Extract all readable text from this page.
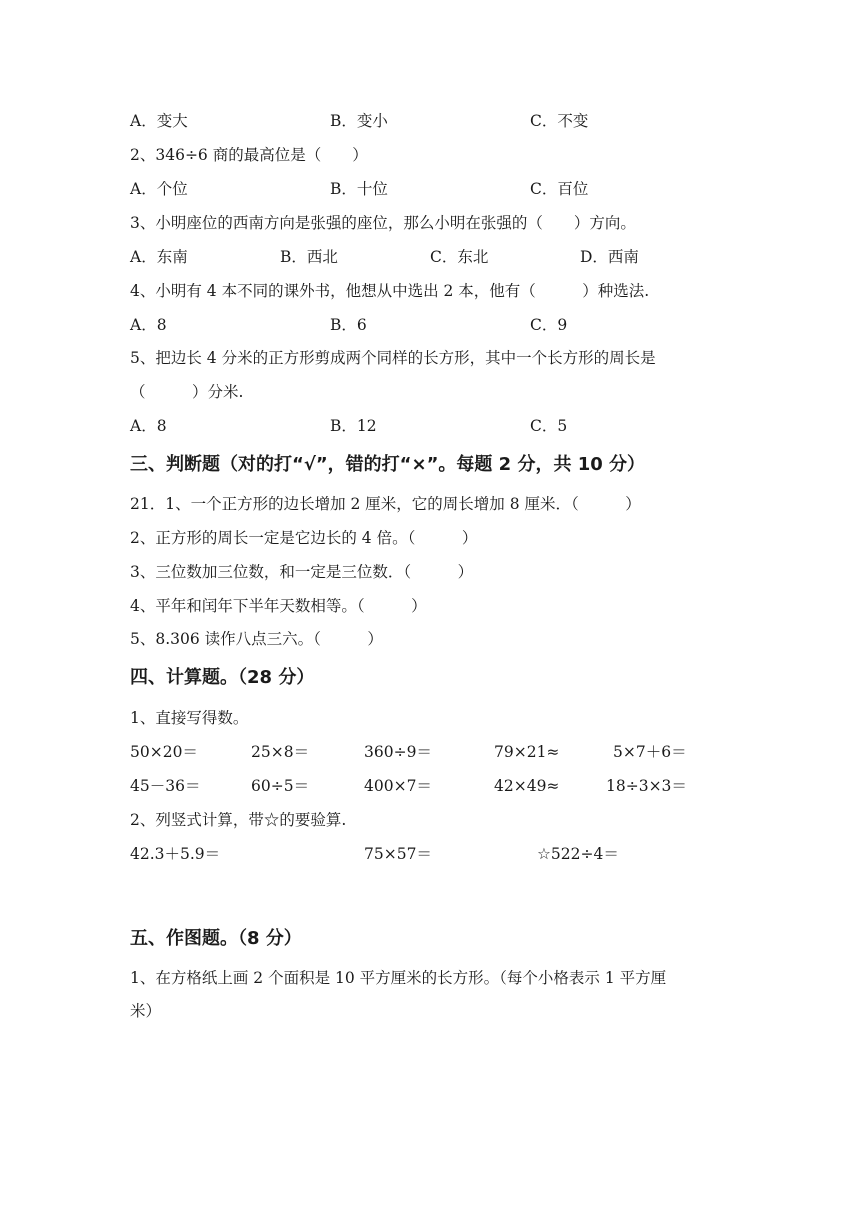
A．变大

	B．变小

	C．不变

2、346÷6 商的最高位是（　　）

A．个位

	B．十位

	C．百位

3、小明座位的西南方向是张强的座位，那么小明在张强的（　　）方向。

A．东南

	B．西北

	C．东北

	D．西南

4、小明有 4 本不同的课外书，他想从中选出 2 本，他有（　　　）种选法.

A．8

	B．6

	C．9

5、把边长 4 分米的正方形剪成两个同样的长方形，其中一个长方形的周长是

（　　　）分米.

A．8

	B．12

	C．5

三、判断题（对的打“√”，错的打“×”。每题 2 分，共 10 分）

21．1、一个正方形的边长增加 2 厘米，它的周长增加 8 厘米．（　　　）

2、正方形的周长一定是它边长的 4 倍。（　　　）

3、三位数加三位数，和一定是三位数．（　　　）

4、平年和闰年下半年天数相等。（　　　）

5、8.306 读作八点三六。（　　　）

四、计算题。（28 分）

1、直接写得数。

50×20＝

	25×8＝

	360÷9＝

	79×21≈

	5×7＋6＝

45－36＝

	60÷5＝

	400×7＝

	42×49≈

	18÷3×3＝

2、列竖式计算，带☆的要验算.

42.3＋5.9＝

	75×57＝

	☆522÷4＝

五、作图题。（8 分）

1、在方格纸上画 2 个面积是 10 平方厘米的长方形。（每个小格表示 1 平方厘

米）
